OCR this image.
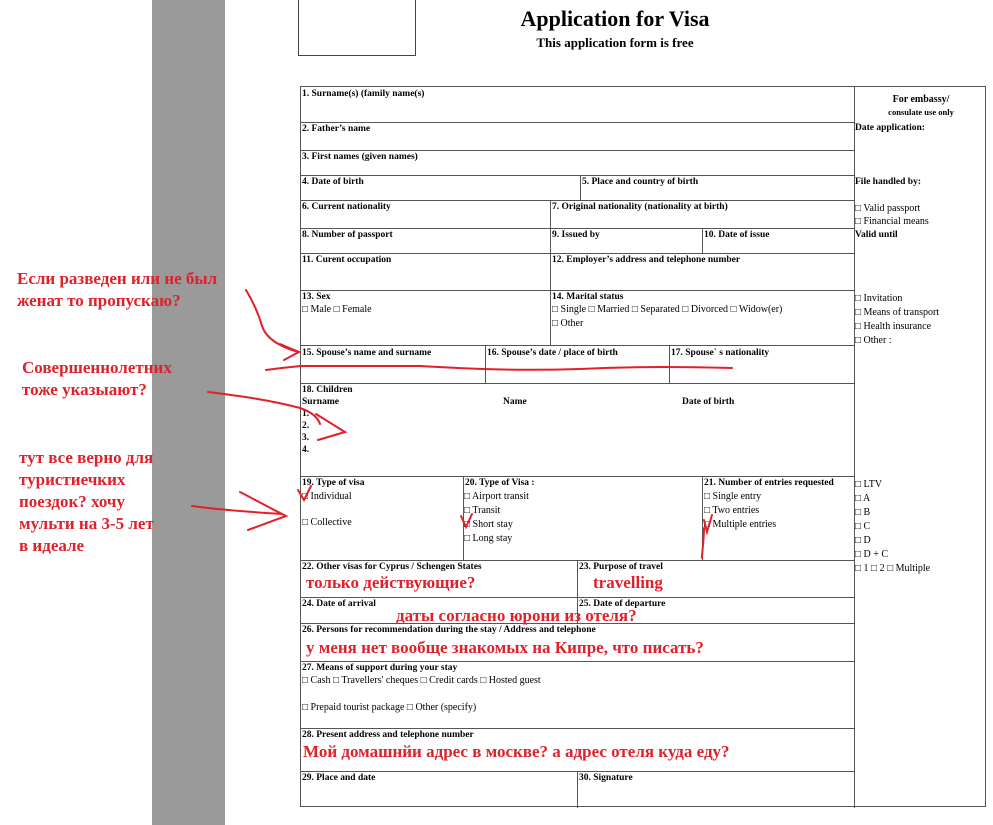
Application for Visa
This application form is free
1. Surname(s) (family name(s)
2. Father’s name
3. First names (given names)
4. Date of birth	5. Place and country of birth
6. Current nationality	7. Original nationality (nationality at birth)
8. Number of passport	9. Issued by	10. Date of issue
11. Curent occupation	12. Employer’s address and telephone number
13. Sex
□ Male □ Female
14. Marital status
□ Single □ Married □ Separated □ Divorced □ Widow(er)
□ Other
15. Spouse’s name and surname	16. Spouse’s date / place of birth	17. Spouse` s nationality
18. Children
Surname	Name	Date of birth
1.
2.
3.
4.
19. Type of visa
□ Individual
□ Collective
20. Type of Visa :
□ Airport transit
□ Transit
□ Short stay
□ Long stay
21. Number of entries requested
□ Single entry
□ Two entries
□ Multiple entries
22. Other visas for Cyprus / Schengen States	23. Purpose of travel
24. Date of arrival	25. Date of departure
26. Persons for recommendation during the stay / Address and telephone
27. Means of support during your stay
□ Cash □ Travellers' cheques □ Credit cards □ Hosted guest
□ Prepaid tourist package □ Other (specify)
28. Present address and telephone number
29. Place and date	30. Signature
For embassy/
consulate use only
Date application:
File handled by:
□ Valid passport
□ Financial means
Valid until
□ Invitation
□ Means of transport
□ Health insurance
□ Other :
□ LTV
□ A
□ B
□ C
□ D
□ D + C
□ 1 □ 2 □ Multiple
Если разведен или не был
женат то пропускаю?
Совершеннолетних
тоже указыают?
тут все верно для
туристиечких
поездок? хочу
мульти на 3-5 лет
в идеале
только действующие?	travelling
даты согласно юрони из отеля?
у меня нет вообще знакомых на Кипре, что писать?
Мой домашнйи адрес в москве? а адрес отеля куда еду?
